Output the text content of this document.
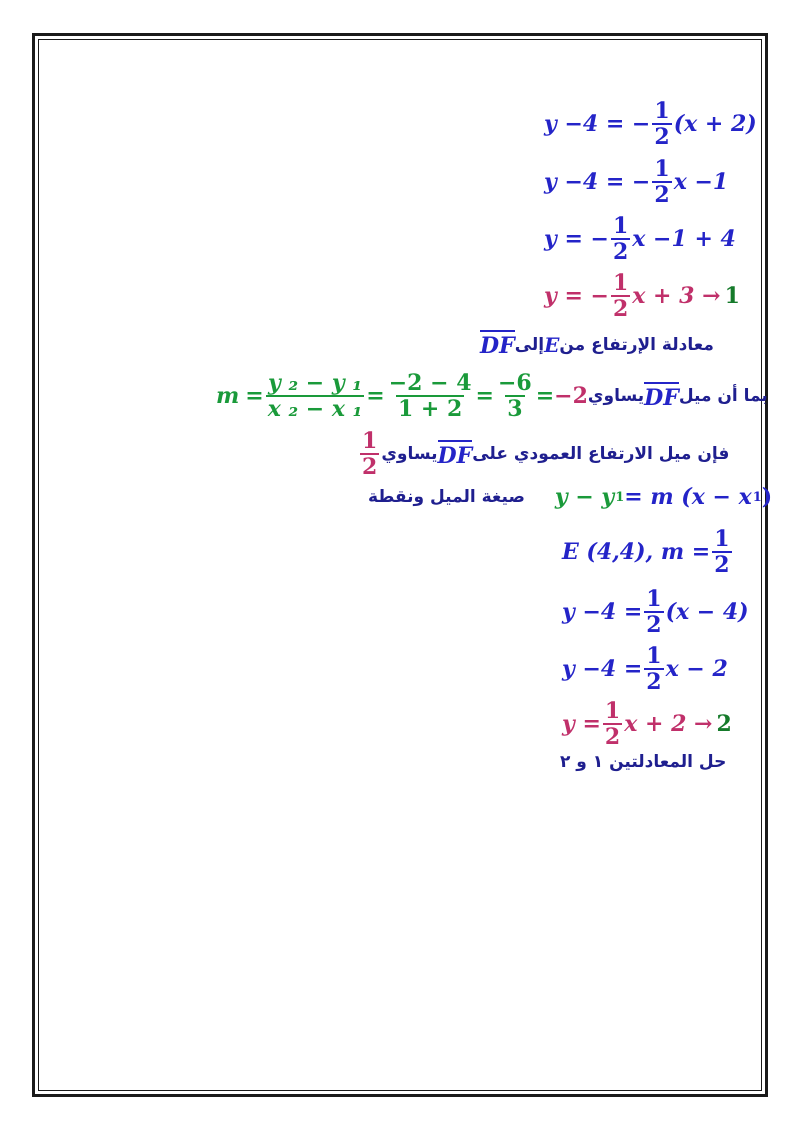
y −4 = − $\frac{1}{2} (x + 2)$
y −4 = − $\frac{1}{2}$ x −1
y = − $\frac{1}{2}$ x −1 + 4
y = − $\frac{1}{2}$ x + 3 → 1
DF إلى E معادلة الإرتفاع من
$m = \frac{\text{y ₂ − y ₁}}{\text{x ₂ − x ₁}} = \frac{-2 - 4}{1 + 2} = \frac{-6}{3} = -2$ يساوي DF بما أن ميل
$\frac{1}{2}$ يساوي DF فإن ميل الارتفاع العمودي على
صيغة الميل ونقطة y − y 1 = m (x − x 1 )
E (4,4), $m = \frac{1}{2}$
$y -4 = \frac{1}{2} (x - 4)$
$y -4 = \frac{1}{2}$ x − 2
$y = \frac{1}{2}$ x + 2 → 2
حل المعادلتين ١ و ٢
